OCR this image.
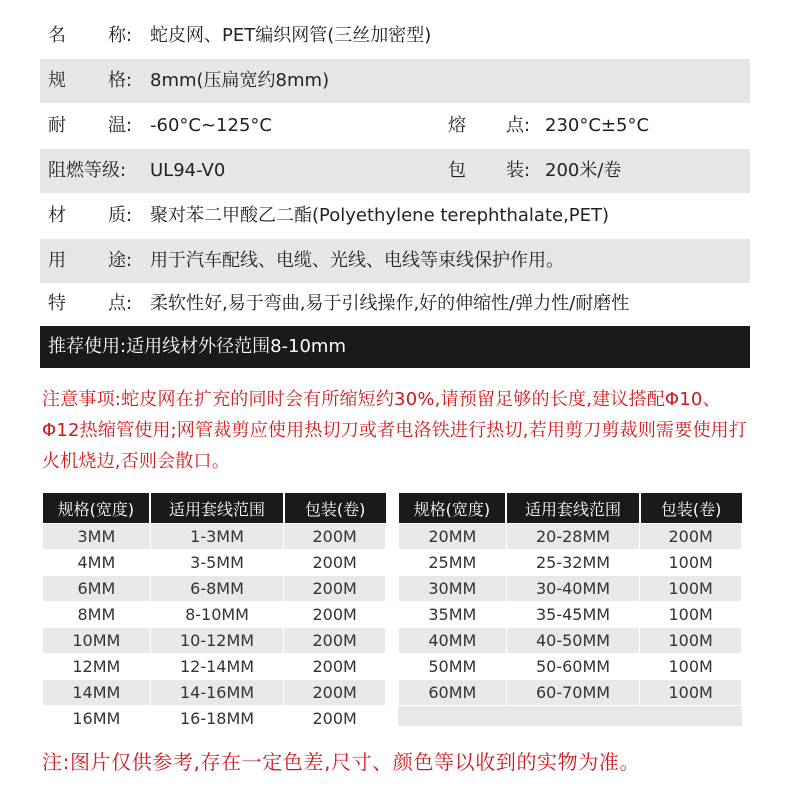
名 称: 蛇皮网、PET编织网管(三丝加密型)
规 格: 8mm(压扁宽约8mm)
耐 温: -60°C~125°C	熔 点: 230°C±5°C
阻燃等级: UL94-V0	包 装: 200米/卷
材 质: 聚对苯二甲酸乙二酯(Polyethylene terephthalate,PET)
用 途: 用于汽车配线、电缆、光线、电线等束线保护作用。
特 点: 柔软性好,易于弯曲,易于引线操作,好的伸缩性/弹力性/耐磨性
推荐使用:适用线材外径范围8-10mm
注意事项:蛇皮网在扩充的同时会有所缩短约30%,请预留足够的长度,建议搭配Φ10、Φ12热缩管使用;网管裁剪应使用热切刀或者电洛铁进行热切,若用剪刀剪裁则需要使用打火机烧边,否则会散口。
规格(宽度)	适用套线范围	包装(卷)
3MM	1-3MM	200M
4MM	3-5MM	200M
6MM	6-8MM	200M
8MM	8-10MM	200M
10MM	10-12MM	200M
12MM	12-14MM	200M
14MM	14-16MM	200M
16MM	16-18MM	200M
规格(宽度)	适用套线范围	包装(卷)
20MM	20-28MM	200M
25MM	25-32MM	100M
30MM	30-40MM	100M
35MM	35-45MM	100M
40MM	40-50MM	100M
50MM	50-60MM	100M
60MM	60-70MM	100M
注:图片仅供参考,存在一定色差,尺寸、颜色等以收到的实物为准。
